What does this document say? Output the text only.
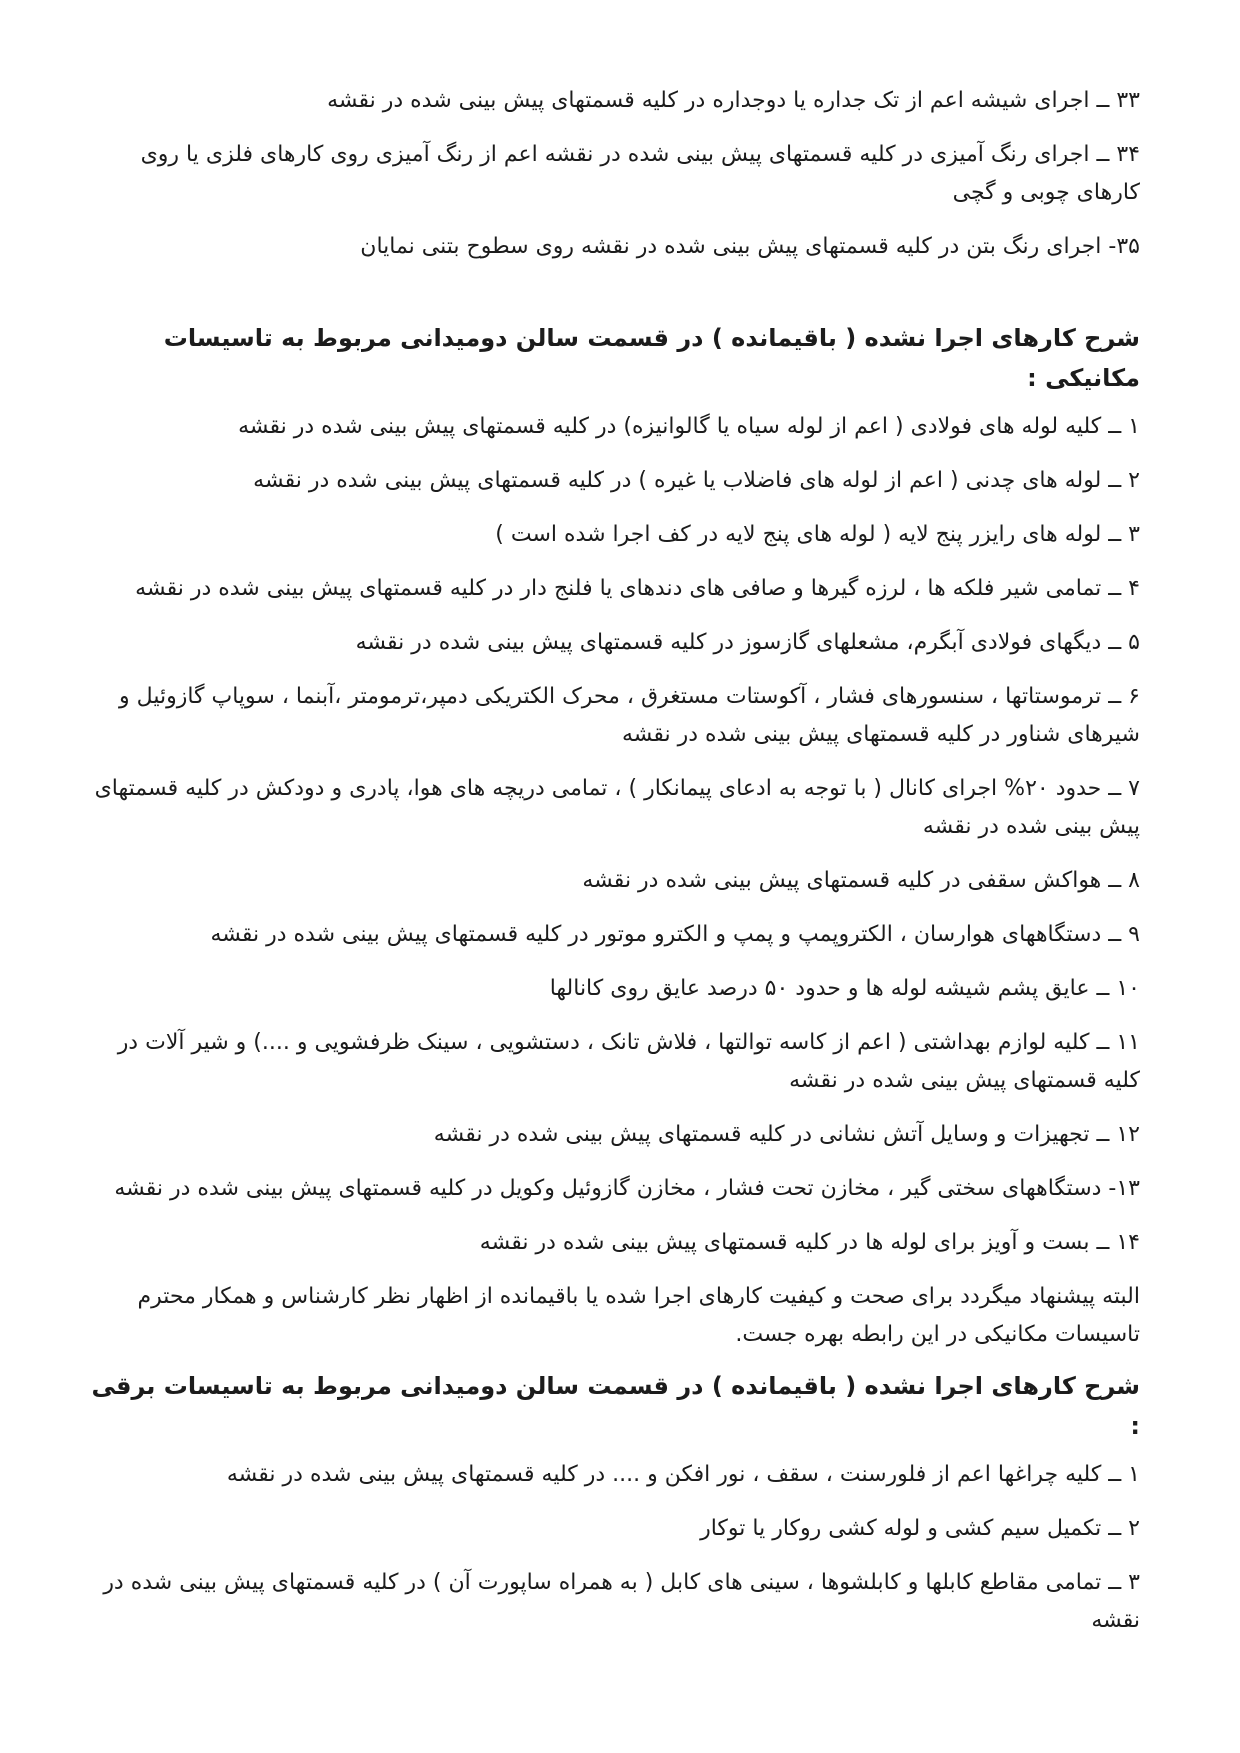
۳۳ ــ اجرای شیشه اعم از تک جداره یا دوجداره در کلیه قسمتهای پیش بینی شده در نقشه

۳۴ ــ اجرای رنگ آمیزی در کلیه قسمتهای پیش بینی شده در نقشه اعم از رنگ آمیزی روی کارهای فلزی یا روی کارهای چوبی و گچی

۳۵- اجرای رنگ بتن در کلیه قسمتهای پیش بینی شده در نقشه روی سطوح بتنی نمایان

شرح کارهای اجرا نشده ( باقیمانده ) در قسمت سالن دومیدانی مربوط به تاسیسات مکانیکی :

۱ ــ کلیه لوله های فولادی ( اعم از لوله سیاه یا گالوانیزه) در کلیه قسمتهای پیش بینی شده در نقشه

۲ ــ لوله های چدنی ( اعم از لوله های فاضلاب یا غیره ) در کلیه قسمتهای پیش بینی شده در نقشه

۳ ــ لوله های رایزر پنج لایه ( لوله های پنج لایه در کف اجرا شده است )

۴ ــ تمامی شیر فلکه ها ، لرزه گیرها و صافی های دندهای یا فلنج دار در کلیه قسمتهای پیش بینی شده در نقشه

۵ ــ دیگهای فولادی آبگرم، مشعلهای گازسوز در کلیه قسمتهای پیش بینی شده در نقشه

۶ ــ ترموستاتها ، سنسورهای فشار ، آکوستات مستغرق ، محرک الکتریکی دمپر،ترمومتر ،آبنما ، سوپاپ گازوئیل و شیرهای شناور در کلیه قسمتهای پیش بینی شده در نقشه

۷ ــ حدود ۲۰% اجرای کانال ( با توجه به ادعای پیمانکار ) ، تمامی دریچه های هوا، پادری و دودکش در کلیه قسمتهای پیش بینی شده در نقشه

۸ ــ هواکش سقفی در کلیه قسمتهای پیش بینی شده در نقشه

۹ ــ دستگاههای هوارسان ، الکتروپمپ و پمپ و الکترو موتور در کلیه قسمتهای پیش بینی شده در نقشه

۱۰ ــ عایق پشم شیشه لوله ها و حدود ۵۰ درصد عایق روی کانالها

۱۱ ــ کلیه لوازم بهداشتی ( اعم از کاسه توالتها ، فلاش تانک ، دستشویی ، سینک ظرفشویی و ....) و شیر آلات در کلیه قسمتهای پیش بینی شده در نقشه

۱۲ ــ تجهیزات و وسایل آتش نشانی در کلیه قسمتهای پیش بینی شده در نقشه

۱۳- دستگاههای سختی گیر ، مخازن تحت فشار ، مخازن گازوئیل وکویل در کلیه قسمتهای پیش بینی شده در نقشه

۱۴ ــ بست و آویز برای لوله ها در کلیه قسمتهای پیش بینی شده در نقشه

البته پیشنهاد میگردد برای صحت و کیفیت کارهای اجرا شده یا باقیمانده از اظهار نظر کارشناس و همکار محترم تاسیسات مکانیکی در این رابطه بهره جست.

شرح کارهای اجرا نشده ( باقیمانده ) در قسمت سالن دومیدانی مربوط به تاسیسات برقی :

۱ ــ کلیه چراغها اعم از فلورسنت ، سقف ، نور افکن و .... در کلیه قسمتهای پیش بینی شده در نقشه

۲ ــ تکمیل سیم کشی و لوله کشی روکار یا توکار

۳ ــ تمامی مقاطع کابلها و کابلشوها ، سینی های کابل ( به همراه ساپورت آن ) در کلیه قسمتهای پیش بینی شده در نقشه
